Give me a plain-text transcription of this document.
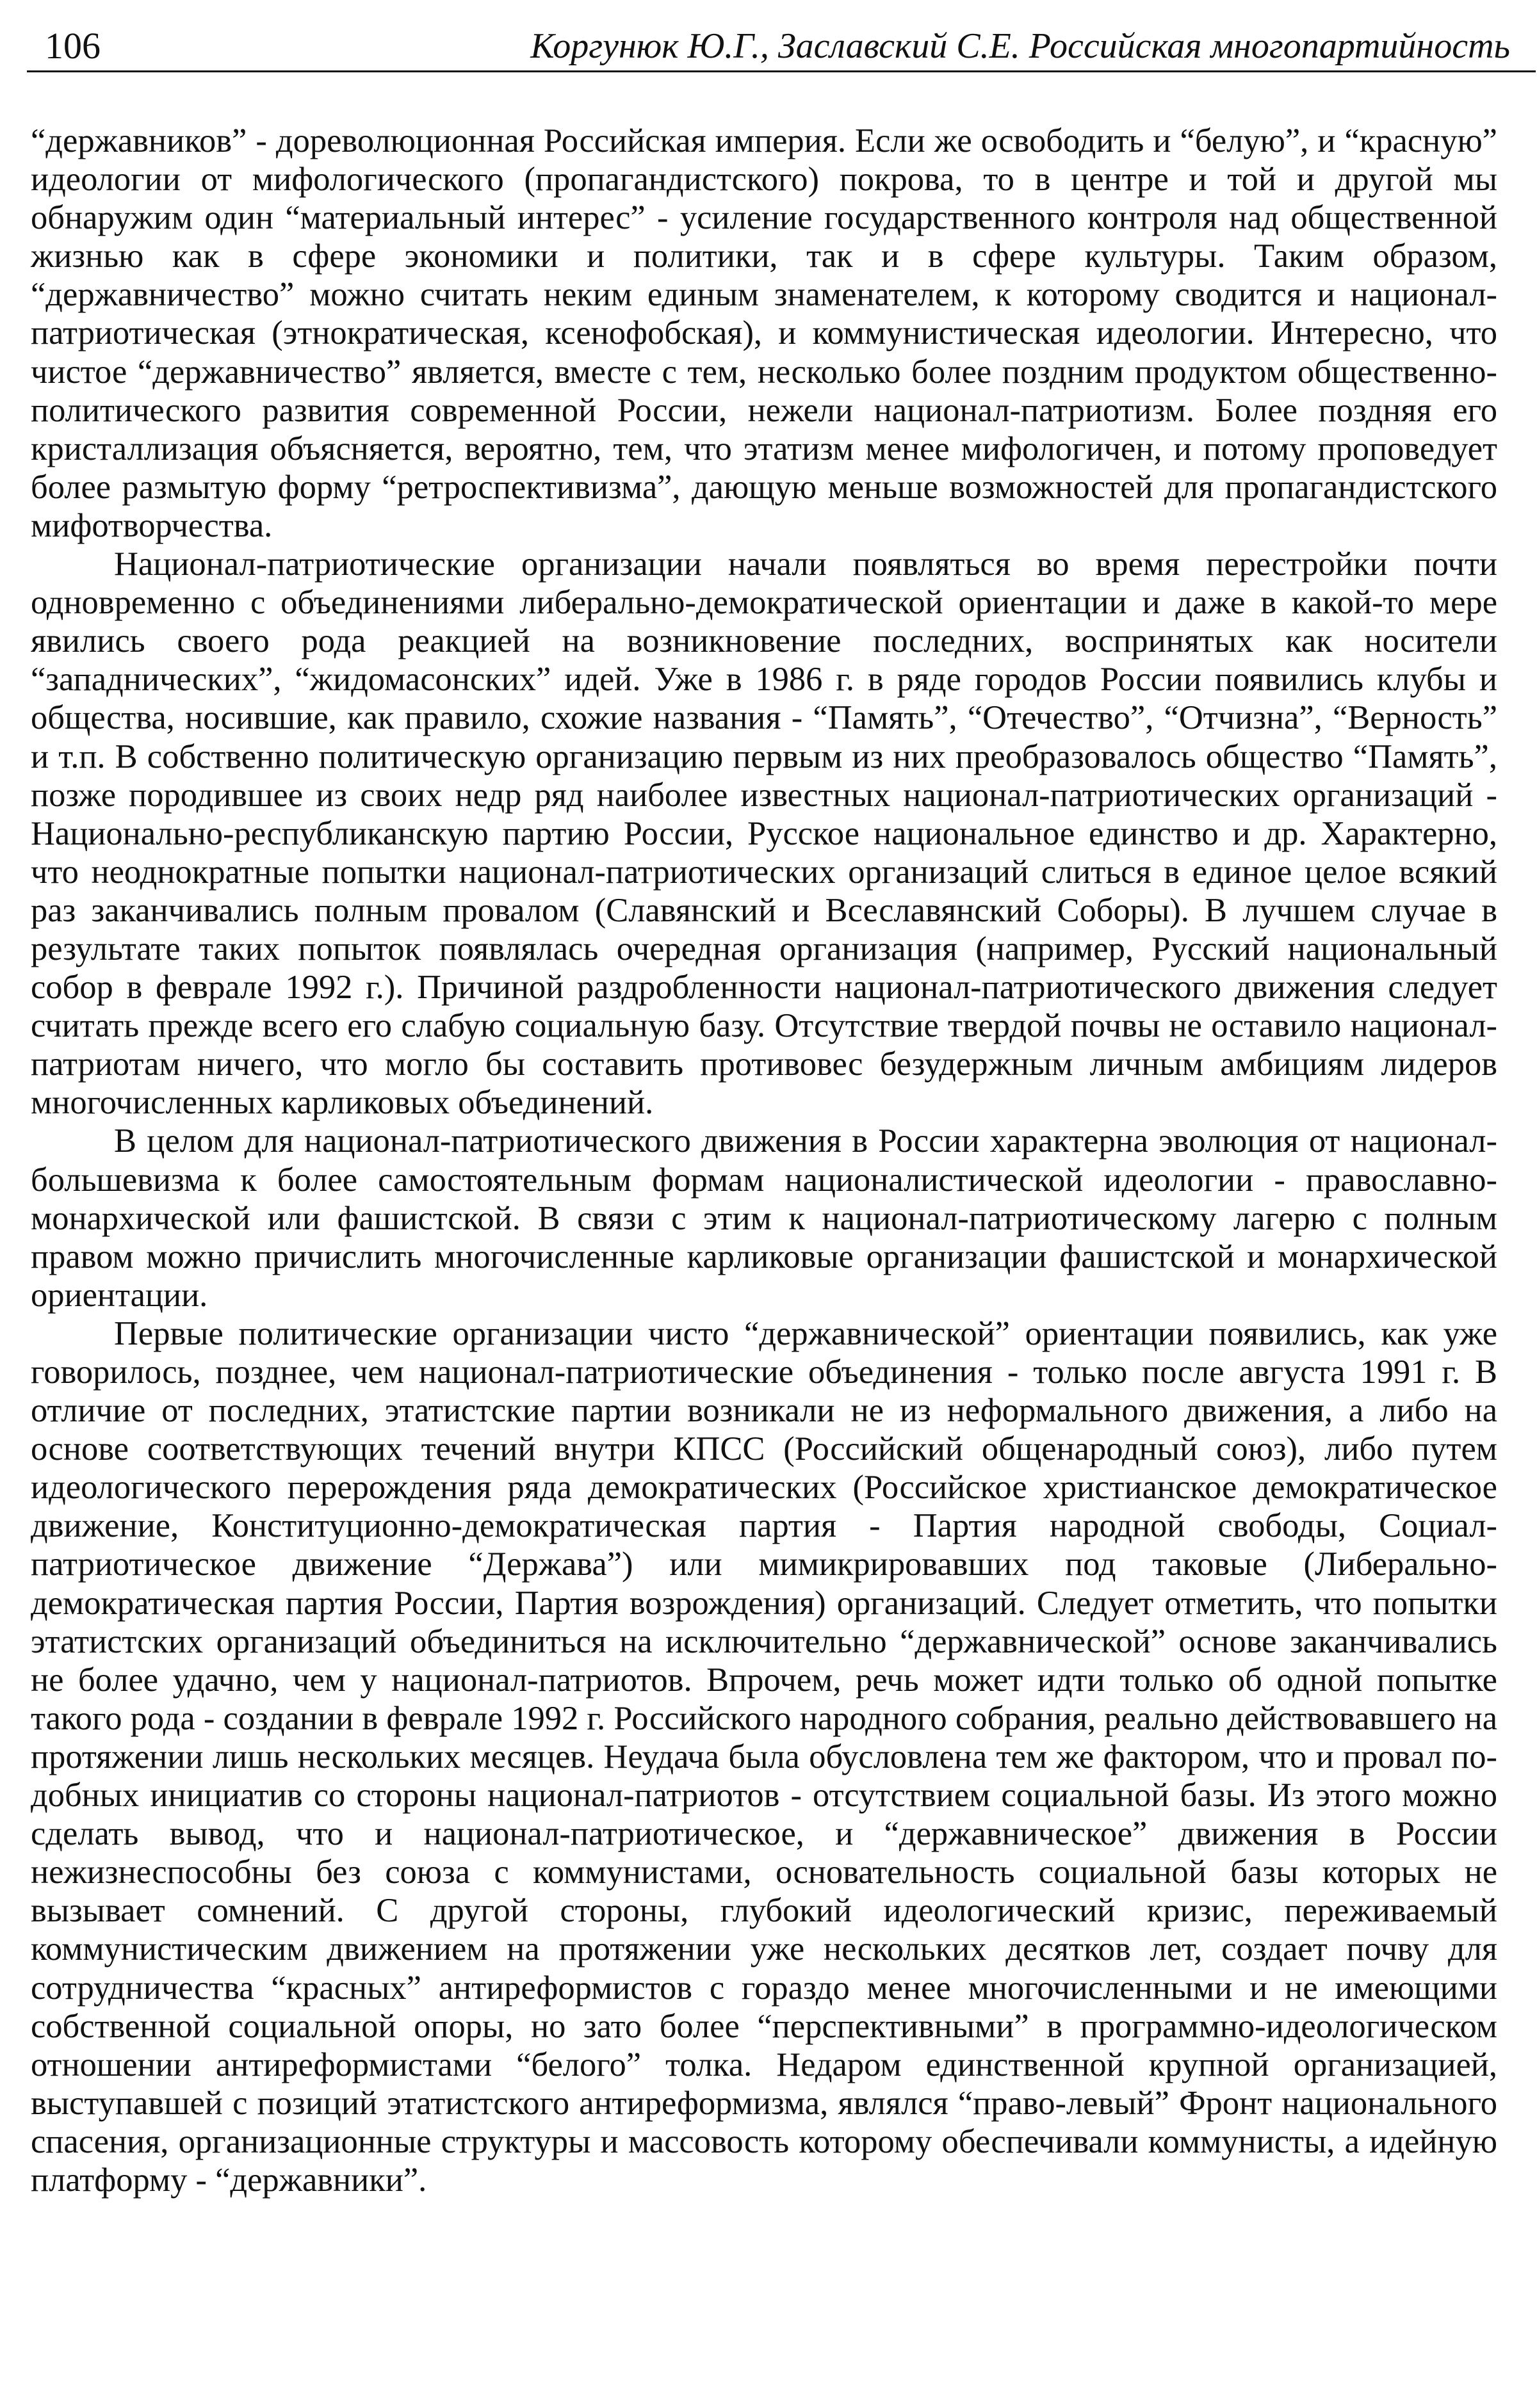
106	Коргунюк Ю.Г., Заславский С.Е. Российская многопартийность

“державников” - дореволюционная Российская империя. Если же освободить и “белую”, и “красную” идеологии от мифологического (пропагандистского) покрова, то в центре и той и другой мы обнаружим один “материальный интерес” - усиление государственного контроля над общественной жизнью как в сфере экономики и политики, так и в сфере культуры. Таким образом, “державничество” можно считать неким единым знаменателем, к которому сводится и национал-патриотическая (этнократическая, ксенофобская), и коммунистическая идеологии. Интересно, что чистое “державничество” является, вместе с тем, несколько более поздним продуктом общественно-политического развития современной России, нежели национал-патриотизм. Более поздняя его кристаллизация объясняется, вероятно, тем, что этатизм менее мифологичен, и потому проповедует более размытую форму “ретроспективизма”, дающую меньше возможностей для пропагандистского мифотворчества.

Национал-патриотические организации начали появляться во время перестройки почти одновременно с объединениями либерально-демократической ориентации и даже в какой-то мере явились своего рода реакцией на возникновение последних, воспринятых как носители “западнических”, “жидомасонских” идей. Уже в 1986 г. в ряде городов России появились клубы и общества, носившие, как правило, схожие названия - “Память”, “Отечество”, “Отчизна”, “Верность” и т.п. В собственно политическую организацию первым из них преобразовалось общество “Память”, позже породившее из своих недр ряд наиболее известных национал-патриотических организаций - Национально-республиканскую партию России, Русское национальное единство и др. Характерно, что неоднократные попытки национал-патриотических организаций слиться в единое целое всякий раз заканчивались полным провалом (Славянский и Всеславянский Соборы). В лучшем случае в результате таких попыток появлялась очередная организация (например, Русский национальный собор в феврале 1992 г.). Причиной раздробленности национал-патриотического движения следует считать прежде всего его слабую социальную базу. Отсутствие твердой почвы не оставило национал-патриотам ничего, что могло бы составить противовес безудержным личным амбициям лидеров многочисленных карликовых объединений.

В целом для национал-патриотического движения в России характерна эволюция от национал-большевизма к более самостоятельным формам националистической идеологии - православно-монархической или фашистской. В связи с этим к национал-патриотическому лагерю с полным правом можно причислить многочисленные карликовые организации фашистской и монархической ориентации.

Первые политические организации чисто “державнической” ориентации появились, как уже говорилось, позднее, чем национал-патриотические объединения - только после августа 1991 г. В отличие от последних, этатистские партии возникали не из неформального движения, а либо на основе соответствующих течений внутри КПСС (Российский общенародный союз), либо путем идеологического перерождения ряда демократических (Российское христианское демократическое движение, Конституционно-демократическая партия - Партия народной свободы, Социал-патриотическое движение “Держава”) или мимикрировавших под таковые (Либерально-демократическая партия России, Партия возрождения) организаций. Следует отметить, что попытки этатистских организаций объединиться на исключительно “державнической” основе заканчивались не более удачно, чем у национал-патриотов. Впрочем, речь может идти только об одной попытке такого рода - создании в феврале 1992 г. Российского народного собрания, реально действовавшего на протяжении лишь нескольких месяцев. Неудача была обусловлена тем же фактором, что и провал подобных инициатив со стороны национал-патриотов - отсутствием социальной базы. Из этого можно сделать вывод, что и национал-патриотическое, и “державническое” движения в России нежизнеспособны без союза с коммунистами, основательность социальной базы которых не вызывает сомнений. С другой стороны, глубокий идеологический кризис, переживаемый коммунистическим движением на протяжении уже нескольких десятков лет, создает почву для сотрудничества “красных” антиреформистов с гораздо менее многочисленными и не имеющими собственной социальной опоры, но зато более “перспективными” в программно-идеологическом отношении антиреформистами “белого” толка. Недаром единственной крупной организацией, выступавшей с позиций этатистского антиреформизма, являлся “право-левый” Фронт национального спасения, организационные структуры и массовость которому обеспечивали коммунисты, а идейную платформу - “державники”.
